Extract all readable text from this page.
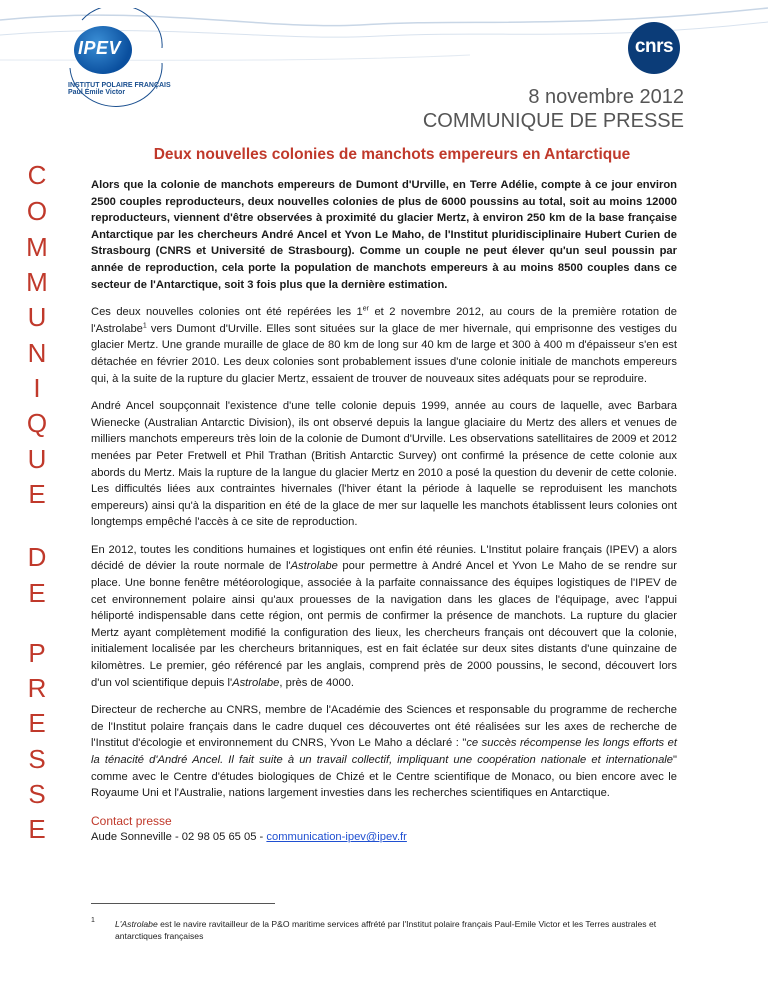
IPEV
INSTITUT POLAIRE FRANÇAIS Paul Émile Victor
cnrs
8 novembre 2012
COMMUNIQUE DE PRESSE
Deux nouvelles colonies de manchots empereurs en Antarctique
C
O
M
M
U
N
I
Q
U
E
D
E
P
R
E
S
S
E

Alors que la colonie de manchots empereurs de Dumont d'Urville, en Terre Adélie, compte à ce jour environ 2500 couples reproducteurs, deux nouvelles colonies de plus de 6000 poussins au total, soit au moins 12000 reproducteurs, viennent d'être observées à proximité du glacier Mertz, à environ 250 km de la base française Antarctique par les chercheurs André Ancel et Yvon Le Maho, de l'Institut pluridisciplinaire Hubert Curien de Strasbourg (CNRS et Université de Strasbourg). Comme un couple ne peut élever qu'un seul poussin par année de reproduction, cela porte la population de manchots empereurs à au moins 8500 couples dans ce secteur de l'Antarctique, soit 3 fois plus que la dernière estimation.

Ces deux nouvelles colonies ont été repérées les 1er et 2 novembre 2012, au cours de la première rotation de l'Astrolabe$^1$ vers Dumont d'Urville. Elles sont situées sur la glace de mer hivernale, qui emprisonne des vestiges du glacier Mertz. Une grande muraille de glace de 80 km de long sur 40 km de large et 300 à 400 m d'épaisseur s'en est détachée en février 2010. Les deux colonies sont probablement issues d'une colonie initiale de manchots empereurs qui, à la suite de la rupture du glacier Mertz, essaient de trouver de nouveaux sites adéquats pour se reproduire.

André Ancel soupçonnait l'existence d'une telle colonie depuis 1999, année au cours de laquelle, avec Barbara Wienecke (Australian Antarctic Division), ils ont observé depuis la langue glaciaire du Mertz des allers et venues de milliers manchots empereurs très loin de la colonie de Dumont d'Urville. Les observations satellitaires de 2009 et 2012 menées par Peter Fretwell et Phil Trathan (British Antarctic Survey) ont confirmé la présence de cette colonie aux abords du Mertz. Mais la rupture de la langue du glacier Mertz en 2010 a posé la question du devenir de cette colonie. Les difficultés liées aux contraintes hivernales (l'hiver étant la période à laquelle se reproduisent les manchots empereurs) ainsi qu'à la disparition en été de la glace de mer sur laquelle les manchots établissent leurs colonies ont longtemps empêché l'accès à ce site de reproduction.

En 2012, toutes les conditions humaines et logistiques ont enfin été réunies. L'Institut polaire français (IPEV) a alors décidé de dévier la route normale de l'Astrolabe pour permettre à André Ancel et Yvon Le Maho de se rendre sur place. Une bonne fenêtre météorologique, associée à la parfaite connaissance des équipes logistiques de l'IPEV de cet environnement polaire ainsi qu'aux prouesses de la navigation dans les glaces de l'équipage, avec l'appui héliporté indispensable dans cette région, ont permis de confirmer la présence de manchots. La rupture du glacier Mertz ayant complètement modifié la configuration des lieux, les chercheurs français ont découvert que la colonie, initialement localisée par les chercheurs britanniques, est en fait éclatée sur deux sites distants d'une quinzaine de kilomètres. Le premier, géo référencé par les anglais, comprend près de 2000 poussins, le second, découvert lors d'un vol scientifique depuis l'Astrolabe, près de 4000.

Directeur de recherche au CNRS, membre de l'Académie des Sciences et responsable du programme de recherche de l'Institut polaire français dans le cadre duquel ces découvertes ont été réalisées sur les axes de recherche de l'Institut d'écologie et environnement du CNRS, Yvon Le Maho a déclaré : "ce succès récompense les longs efforts et la ténacité d'André Ancel. Il fait suite à un travail collectif, impliquant une coopération nationale et internationale" comme avec le Centre d'études biologiques de Chizé et le Centre scientifique de Monaco, ou bien encore avec le Royaume Uni et l'Australie, nations largement investies dans les recherches scientifiques en Antarctique.

Contact presse

Aude Sonneville - 02 98 05 65 05 - communication-ipev@ipev.fr

1 L'Astrolabe est le navire ravitailleur de la P&O maritime services affrété par l'Institut polaire français Paul-Emile Victor et les Terres australes et antarctiques françaises
